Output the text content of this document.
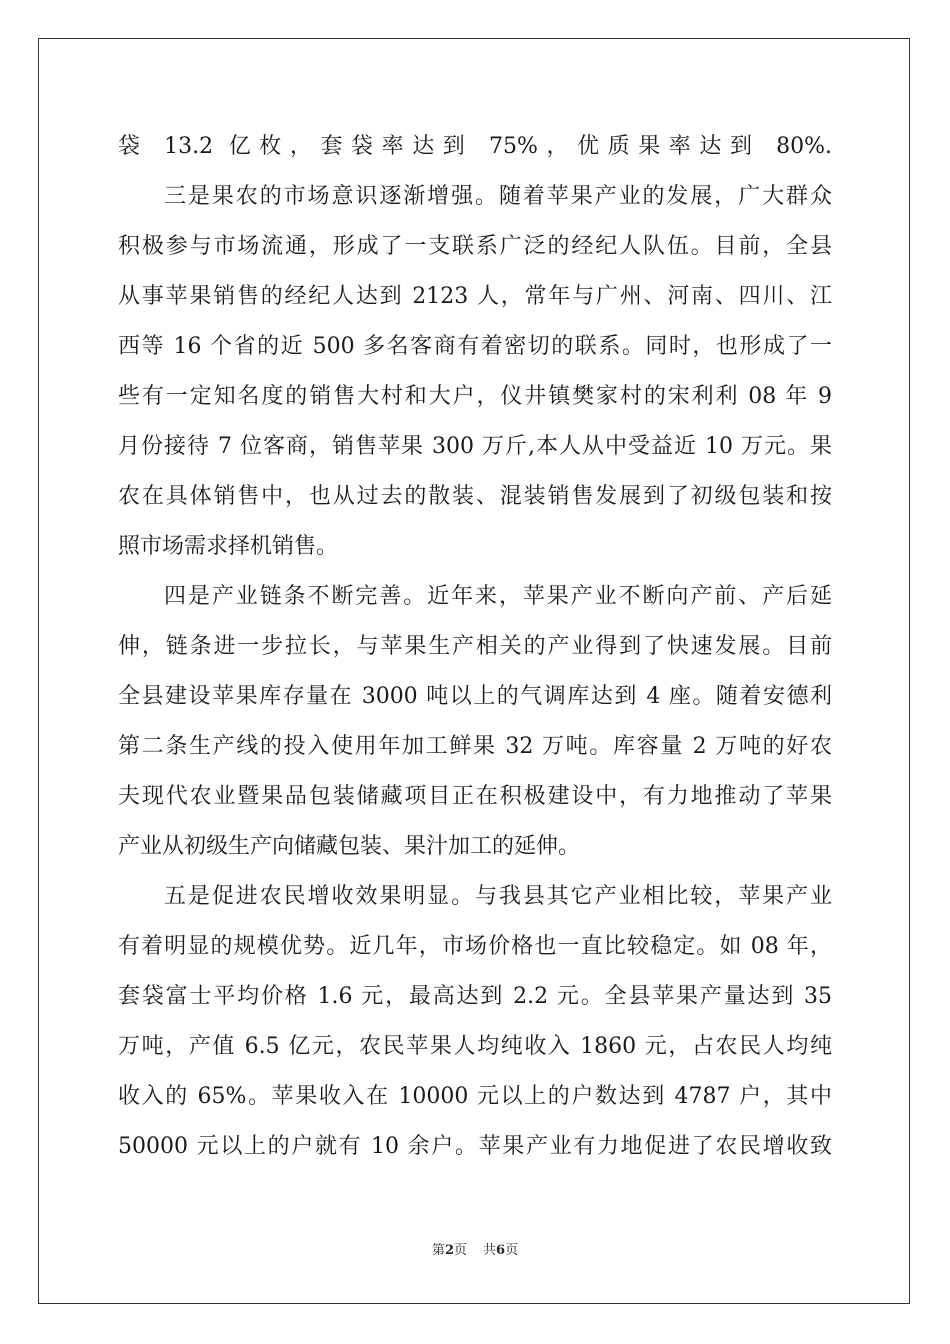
袋 13.2 亿枚，套袋率达到 75%，优质果率达到 80%.
三是果农的市场意识逐渐增强。随着苹果产业的发展，广大群众
积极参与市场流通，形成了一支联系广泛的经纪人队伍。目前，全县
从事苹果销售的经纪人达到 2123 人，常年与广州、河南、四川、江
西等 16 个省的近 500 多名客商有着密切的联系。同时，也形成了一
些有一定知名度的销售大村和大户，仪井镇樊家村的宋利利 08 年 9
月份接待 7 位客商，销售苹果 300 万斤,本人从中受益近 10 万元。果
农在具体销售中，也从过去的散装、混装销售发展到了初级包装和按
照市场需求择机销售。
四是产业链条不断完善。近年来，苹果产业不断向产前、产后延
伸，链条进一步拉长，与苹果生产相关的产业得到了快速发展。目前
全县建设苹果库存量在 3000 吨以上的气调库达到 4 座。随着安德利
第二条生产线的投入使用年加工鲜果 32 万吨。库容量 2 万吨的好农
夫现代农业暨果品包装储藏项目正在积极建设中，有力地推动了苹果
产业从初级生产向储藏包装、果汁加工的延伸。
五是促进农民增收效果明显。与我县其它产业相比较，苹果产业
有着明显的规模优势。近几年，市场价格也一直比较稳定。如 08 年，
套袋富士平均价格 1.6 元，最高达到 2.2 元。全县苹果产量达到 35
万吨，产值 6.5 亿元，农民苹果人均纯收入 1860 元，占农民人均纯
收入的 65%。苹果收入在 10000 元以上的户数达到 4787 户，其中
50000 元以上的户就有 10 余户。苹果产业有力地促进了农民增收致
第2页 共6页
